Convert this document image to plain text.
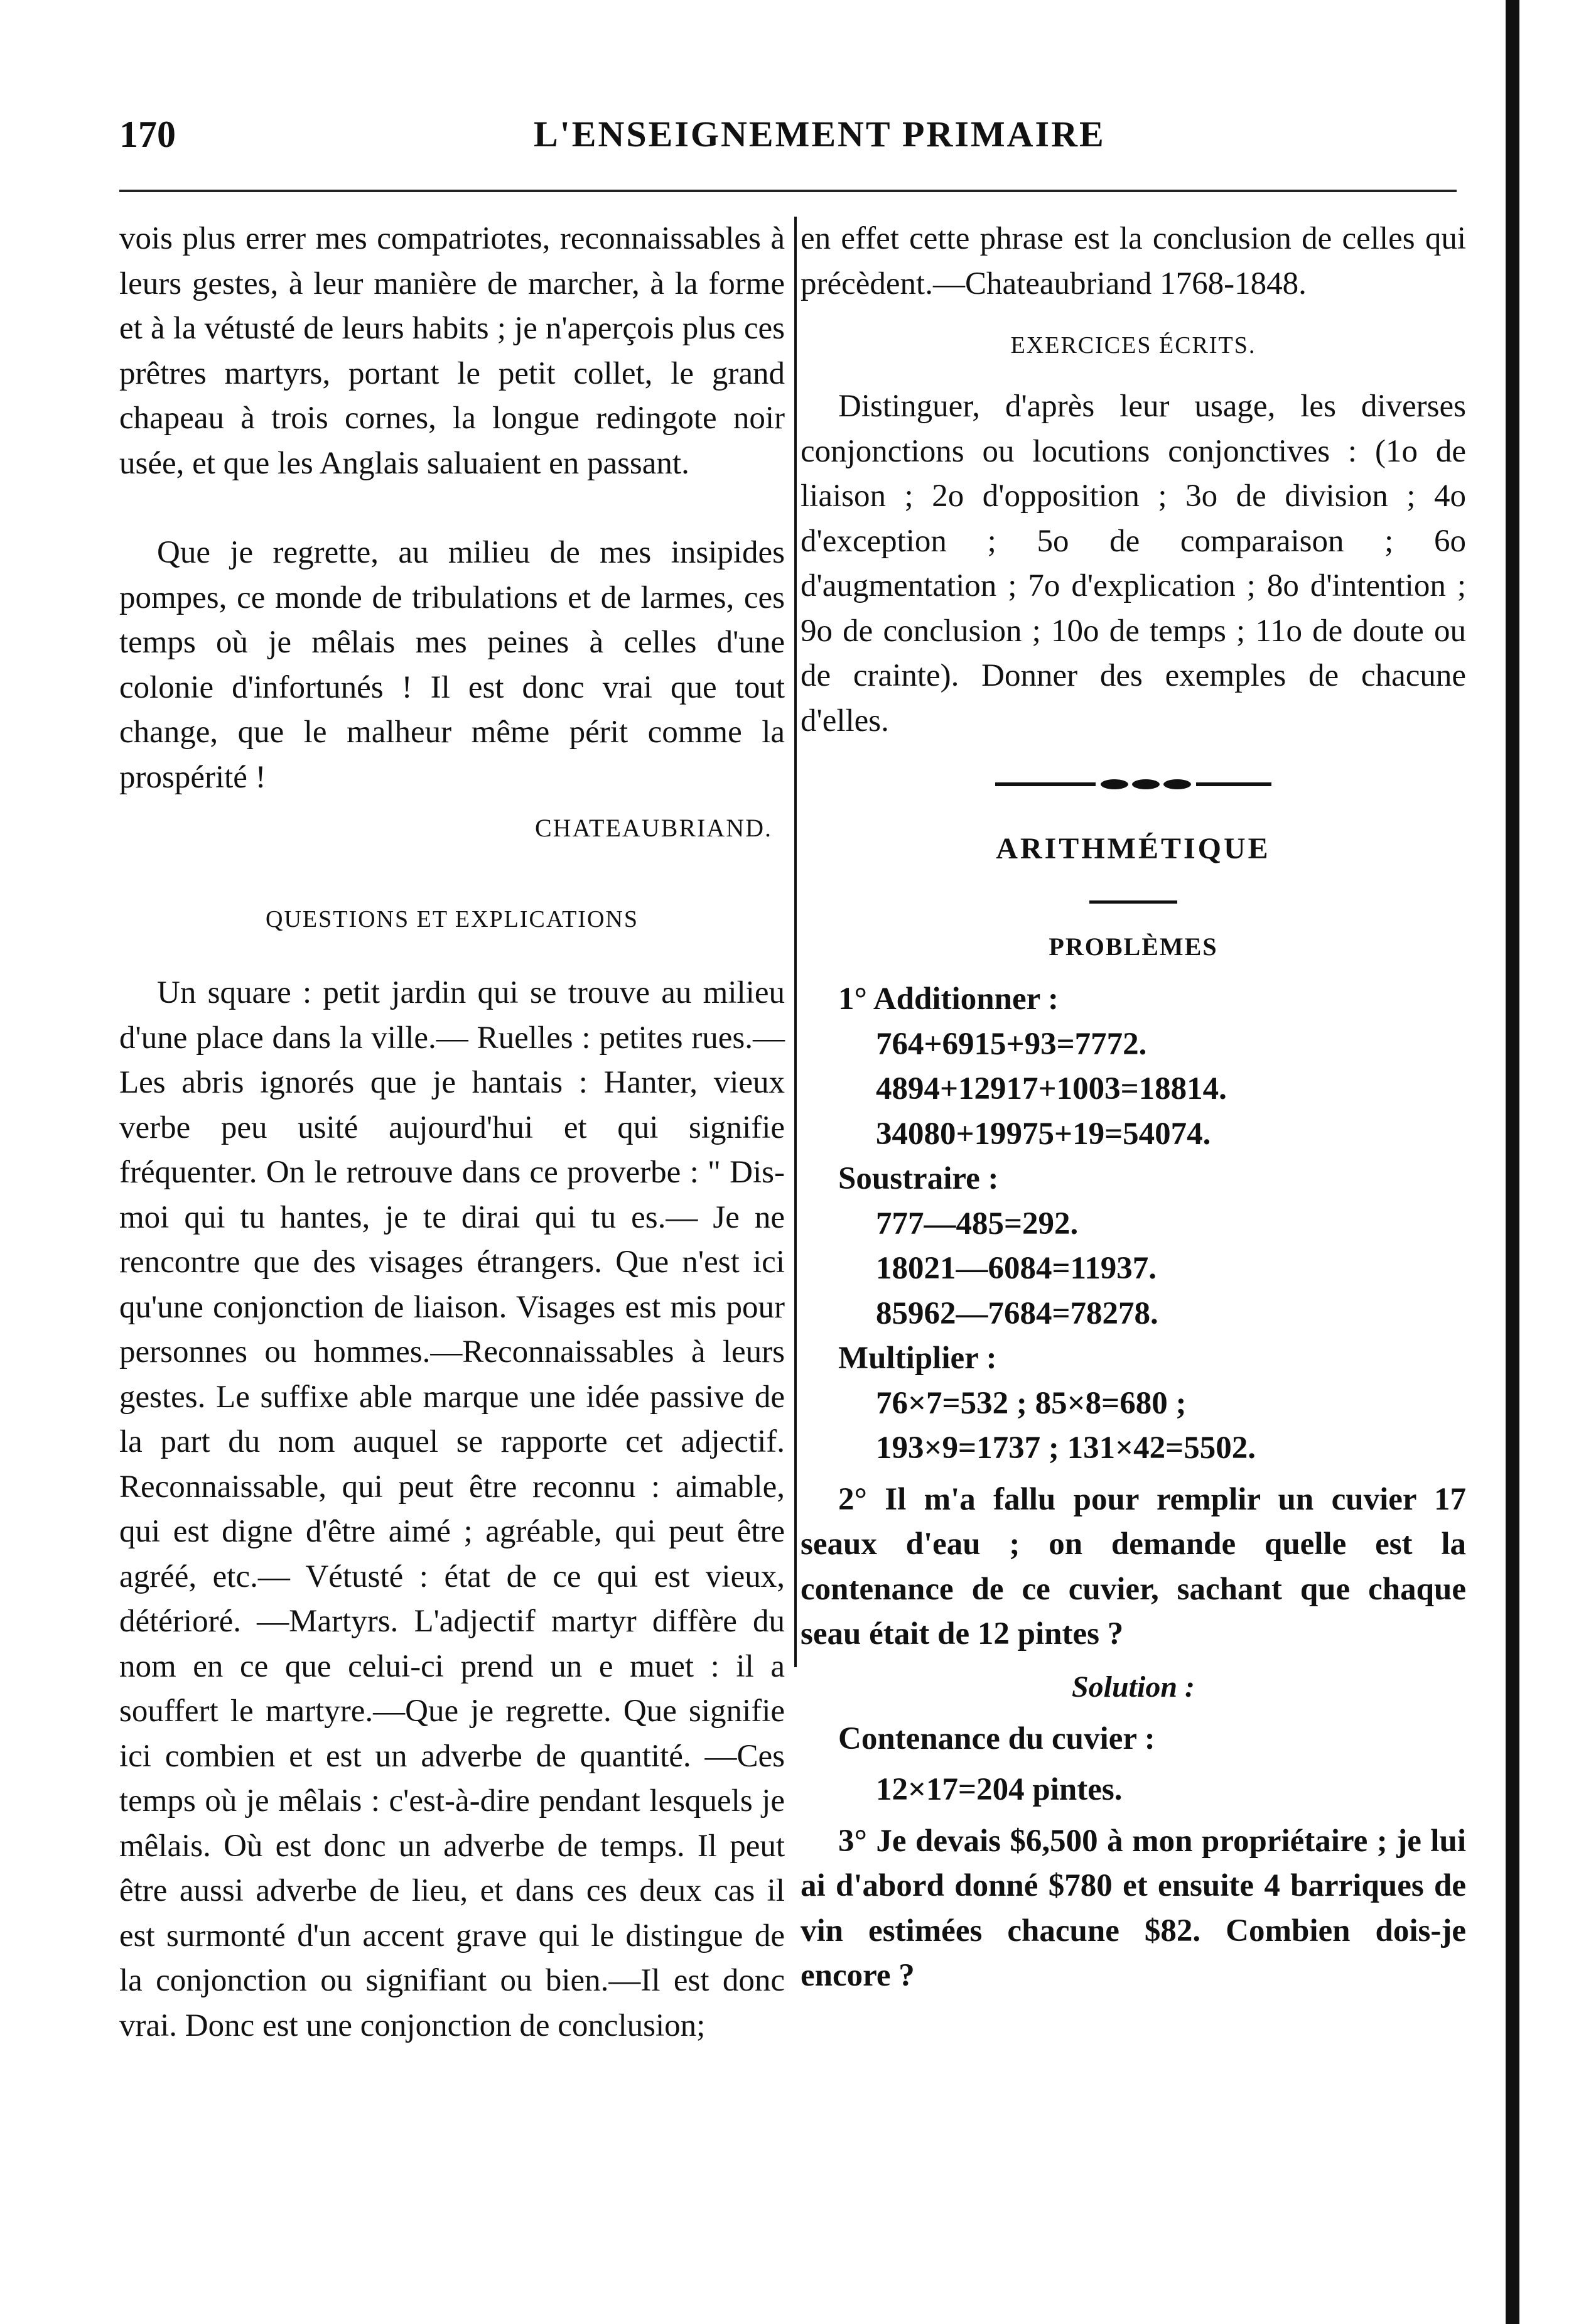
170	L'ENSEIGNEMENT PRIMAIRE

vois plus errer mes compatriotes, reconnaissables à leurs gestes, à leur manière de marcher, à la forme et à la vétusté de leurs habits ; je n'aperçois plus ces prêtres martyrs, portant le petit collet, le grand chapeau à trois cornes, la longue redingote noir usée, et que les Anglais saluaient en passant.

Que je regrette, au milieu de mes insipides pompes, ce monde de tribulations et de larmes, ces temps où je mêlais mes peines à celles d'une colonie d'infortunés ! Il est donc vrai que tout change, que le malheur même périt comme la prospérité !

CHATEAUBRIAND.
QUESTIONS ET EXPLICATIONS

Un square : petit jardin qui se trouve au milieu d'une place dans la ville.— Ruelles : petites rues.—Les abris ignorés que je hantais : Hanter, vieux verbe peu usité aujourd'hui et qui signifie fréquenter. On le retrouve dans ce proverbe : " Dis-moi qui tu hantes, je te dirai qui tu es.— Je ne rencontre que des visages étrangers. Que n'est ici qu'une conjonction de liaison. Visages est mis pour personnes ou hommes.—Reconnaissables à leurs gestes. Le suffixe able marque une idée passive de la part du nom auquel se rapporte cet adjectif. Reconnaissable, qui peut être reconnu : aimable, qui est digne d'être aimé ; agréable, qui peut être agréé, etc.— Vétusté : état de ce qui est vieux, détérioré. —Martyrs. L'adjectif martyr diffère du nom en ce que celui-ci prend un e muet : il a souffert le martyre.—Que je regrette. Que signifie ici combien et est un adverbe de quantité. —Ces temps où je mêlais : c'est-à-dire pendant lesquels je mêlais. Où est donc un adverbe de temps. Il peut être aussi adverbe de lieu, et dans ces deux cas il est surmonté d'un accent grave qui le distingue de la conjonction ou signifiant ou bien.—Il est donc vrai. Donc est une conjonction de conclusion;

en effet cette phrase est la conclusion de celles qui précèdent.—Chateaubriand 1768-1848.

EXERCICES ÉCRITS.

Distinguer, d'après leur usage, les diverses conjonctions ou locutions conjonctives : (1o de liaison ; 2o d'opposition ; 3o de division ; 4o d'exception ; 5o de comparaison ; 6o d'augmentation ; 7o d'explication ; 8o d'intention ; 9o de conclusion ; 10o de temps ; 11o de doute ou de crainte). Donner des exemples de chacune d'elles.

ARITHMÉTIQUE
PROBLÈMES
1° Additionner :
764+6915+93=7772.
4894+12917+1003=18814.
34080+19975+19=54074.
Soustraire :
777—485=292.
18021—6084=11937.
85962—7684=78278.
Multiplier :
76×7=532 ; 85×8=680 ;
193×9=1737 ; 131×42=5502.

2° Il m'a fallu pour remplir un cuvier 17 seaux d'eau ; on demande quelle est la contenance de ce cuvier, sachant que chaque seau était de 12 pintes ?

Solution :
Contenance du cuvier :
12×17=204 pintes.

3° Je devais $6,500 à mon propriétaire ; je lui ai d'abord donné $780 et ensuite 4 barriques de vin estimées chacune $82. Combien dois-je encore ?
